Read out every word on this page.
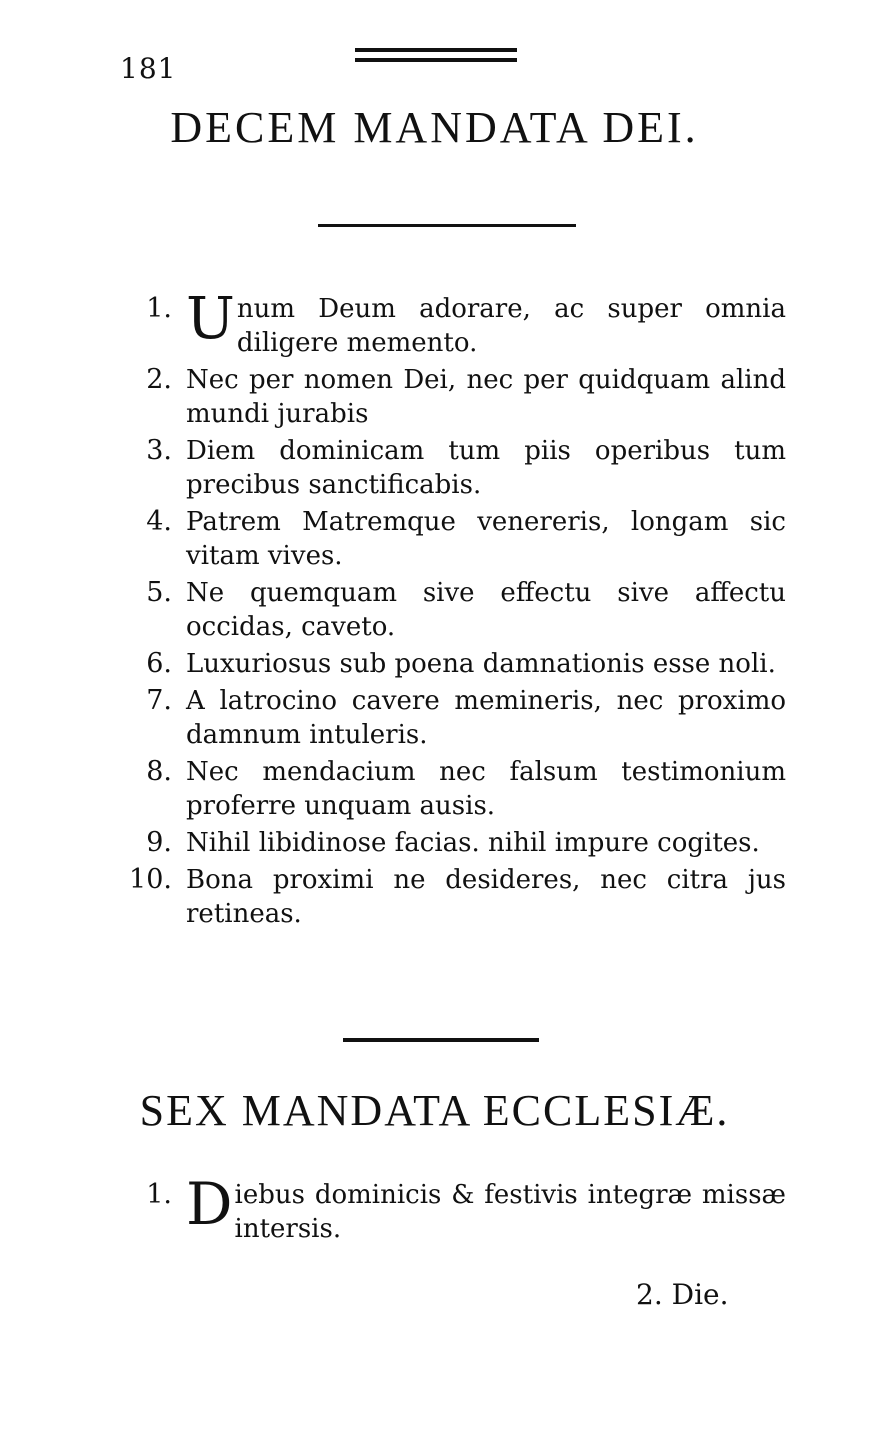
181
DECEM MANDATA DEI.
1. Unum Deum adorare, ac super omnia diligere memento.
2. Nec per nomen Dei, nec per quidquam alind mundi jurabis
3. Diem dominicam tum piis operibus tum precibus sanctificabis.
4. Patrem Matremque venereris, longam sic vitam vives.
5. Ne quemquam sive effectu sive affectu occidas, caveto.
6. Luxuriosus sub poena damnationis esse noli.
7. A latrocino cavere memineris, nec proximo damnum intuleris.
8. Nec mendacium nec falsum testimonium proferre unquam ausis.
9. Nihil libidinose facias. nihil impure cogites.
10. Bona proximi ne desideres, nec citra jus retineas.
SEX MANDATA ECCLESIÆ.
1. Diebus dominicis & festivis integræ missæ intersis.
2. Die.
